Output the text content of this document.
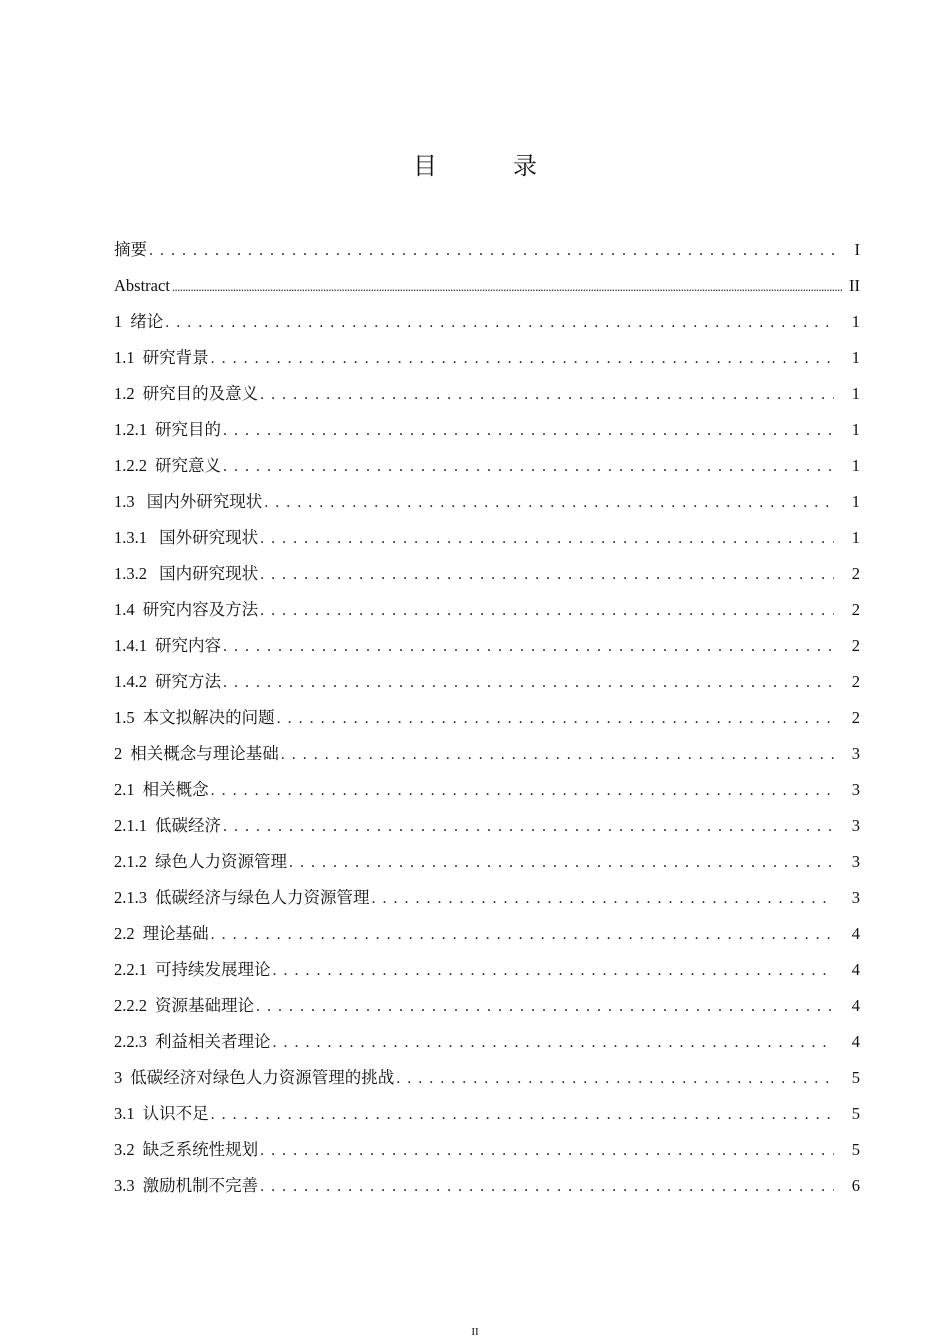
目　录
摘要 . . .	I
Abstract .....	II
1 绪论 . . .	1
1.1 研究背景 . . .	1
1.2 研究目的及意义 . . .	1
1.2.1 研究目的 . . .	1
1.2.2 研究意义 . . .	1
1.3 国内外研究现状 . . .	1
1.3.1 国外研究现状 . . .	1
1.3.2 国内研究现状 . . .	2
1.4 研究内容及方法 . . .	2
1.4.1 研究内容 . . .	2
1.4.2 研究方法 . . .	2
1.5 本文拟解决的问题 . . .	2
2 相关概念与理论基础 . . .	3
2.1 相关概念 . . .	3
2.1.1 低碳经济 . . .	3
2.1.2 绿色人力资源管理 . . .	3
2.1.3 低碳经济与绿色人力资源管理 . . .	3
2.2 理论基础 . . .	4
2.2.1 可持续发展理论 . . .	4
2.2.2 资源基础理论 . . .	4
2.2.3 利益相关者理论 . . .	4
3 低碳经济对绿色人力资源管理的挑战 . . .	5
3.1 认识不足 . . .	5
3.2 缺乏系统性规划 . . .	5
3.3 激励机制不完善 . . .	6
II
